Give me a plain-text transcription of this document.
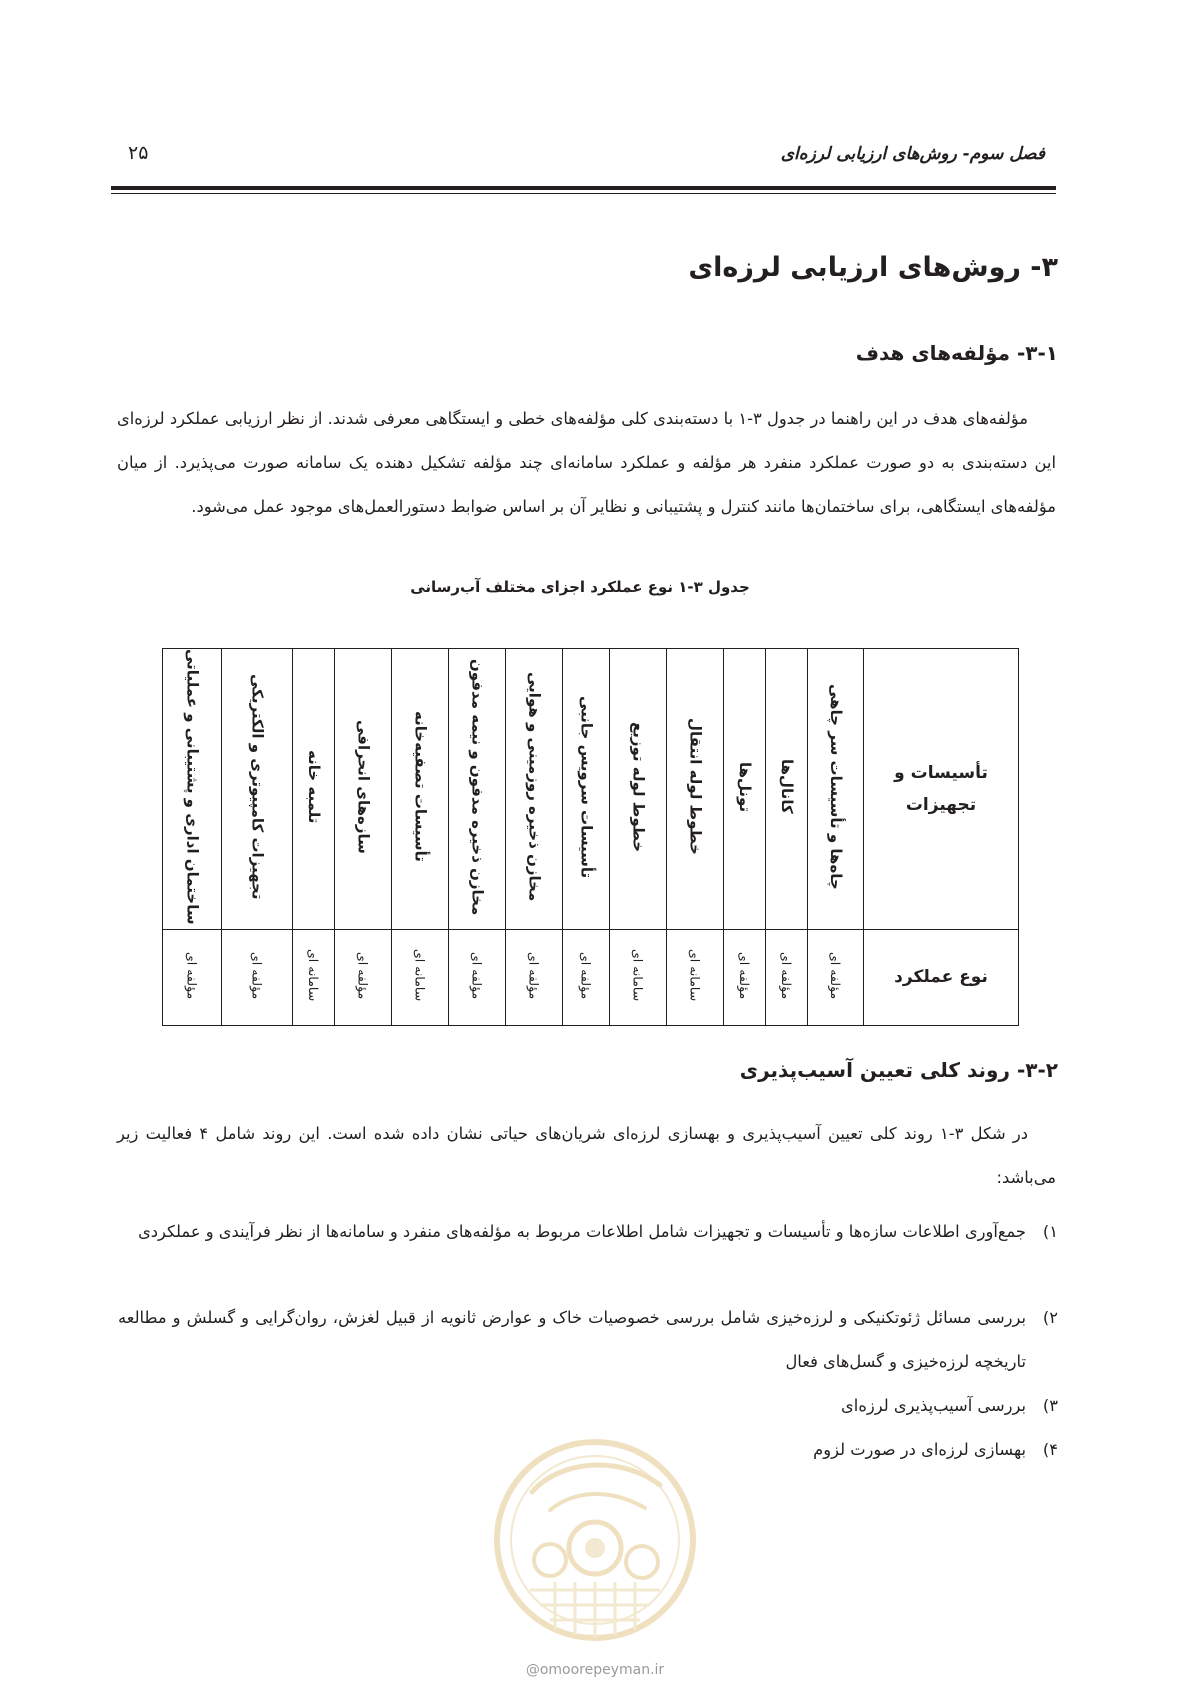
فصل سوم- روش‌های ارزیابی لرزه‌ای
۲۵
۳- روش‌های ارزیابی لرزه‌ای
۳-۱- مؤلفه‌های هدف
مؤلفه‌های هدف در این راهنما در جدول ۳-۱ با دسته‌بندی کلی مؤلفه‌های خطی و ایستگاهی معرفی شدند. از نظر ارزیابی عملکرد لرزه‌ای این دسته‌بندی به دو صورت عملکرد منفرد هر مؤلفه و عملکرد سامانه‌ای چند مؤلفه تشکیل دهنده یک سامانه صورت می‌پذیرد. از میان مؤلفه‌های ایستگاهی، برای ساختمان‌ها مانند کنترل و پشتیبانی و نظایر آن بر اساس ضوابط دستورالعمل‌های موجود عمل می‌شود.
جدول ۳-۱ نوع عملکرد اجزای مختلف آب‌رسانی
تأسیسات و تجهیزات	چاه‌ها و تأسیسات سر چاهی	کانال‌ها	تونل‌ها	خطوط لوله انتقال	خطوط لوله توزیع	تأسیسات سرویس جانبی	مخازن ذخیره روزمینی و هوایی	مخازن ذخیره مدفون و نیمه مدفون	تأسیسات تصفیه‌خانه	سازه‌های انحرافی	تلمبه خانه	تجهیزات کامپیوتری و الکتریکی	ساختمان اداری و پشتیبانی و عملیاتی
نوع عملکرد	مؤلفه ای	مؤلفه ای	مؤلفه ای	سامانه ای	سامانه ای	مؤلفه ای	مؤلفه ای	مؤلفه ای	سامانه ای	مؤلفه ای	سامانه ای	مؤلفه ای	مؤلفه ای
۳-۲- روند کلی تعیین آسیب‌پذیری
در شکل ۳-۱ روند کلی تعیین آسیب‌پذیری و بهسازی لرزه‌ای شریان‌های حیاتی نشان داده شده است. این روند شامل ۴ فعالیت زیر می‌باشد:
۱)
جمع‌آوری اطلاعات سازه‌ها و تأسیسات و تجهیزات شامل اطلاعات مربوط به مؤلفه‌های منفرد و سامانه‌ها از نظر فرآیندی و عملکردی
۲)
بررسی مسائل ژئوتکنیکی و لرزه‌خیزی شامل بررسی خصوصیات خاک و عوارض ثانویه از قبیل لغزش، روان‌گرایی و گسلش و مطالعه تاریخچه لرزه‌خیزی و گسل‌های فعال
۳)
بررسی آسیب‌پذیری لرزه‌ای
۴)
بهسازی لرزه‌ای در صورت لزوم
@omoorepeyman.ir
